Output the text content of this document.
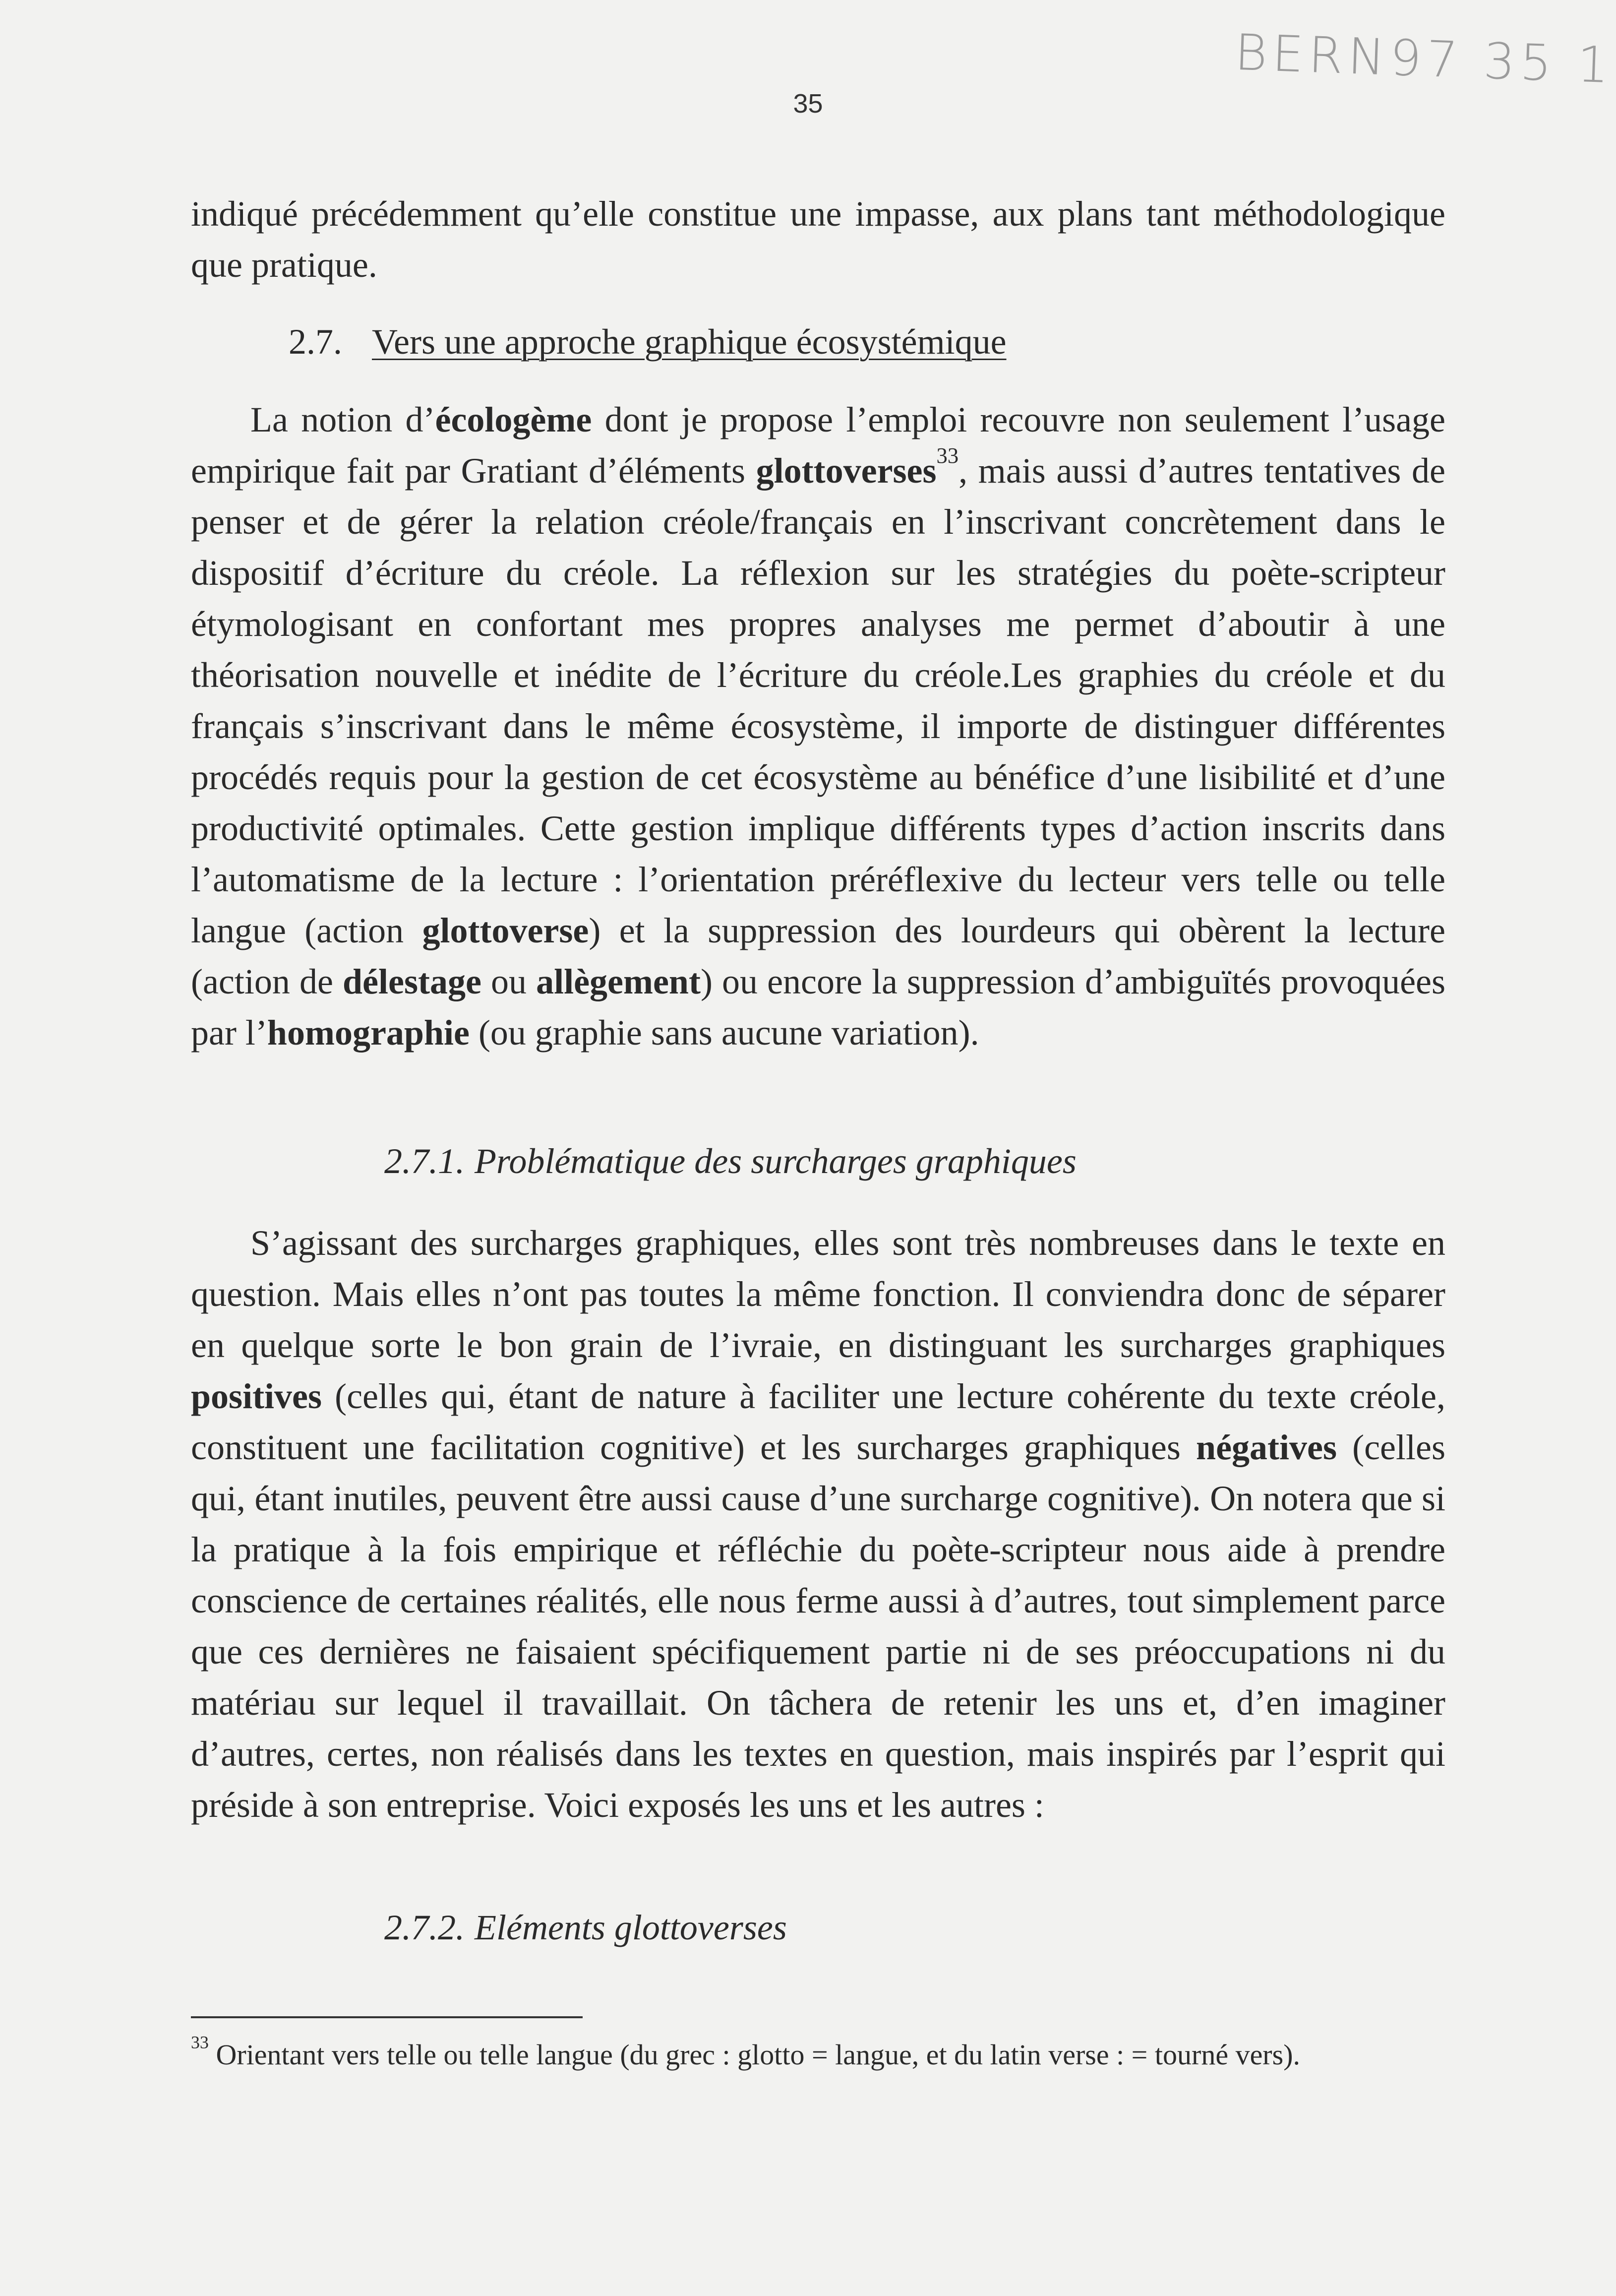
BERN97 35 1
35

indiqué précédemment qu’elle constitue une impasse, aux plans tant méthodologique que pratique.

2.7. Vers une approche graphique écosystémique

La notion d’écologème dont je propose l’emploi recouvre non seulement l’usage empirique fait par Gratiant d’éléments glottoverses$^{33}$, mais aussi d’autres tentatives de penser et de gérer la relation créole/français en l’inscrivant concrètement dans le dispositif d’écriture du créole. La réflexion sur les stratégies du poète-scripteur étymologisant en confortant mes propres analyses me permet d’aboutir à une théorisation nouvelle et inédite de l’écriture du créole.Les graphies du créole et du français s’inscrivant dans le même écosystème, il importe de distinguer différentes procédés requis pour la gestion de cet écosystème au bénéfice d’une lisibilité et d’une productivité optimales. Cette gestion implique différents types d’action inscrits dans l’automatisme de la lecture : l’orientation préréflexive du lecteur vers telle ou telle langue (action glottoverse) et la suppression des lourdeurs qui obèrent la lecture (action de délestage ou allègement) ou encore la suppression d’ambiguïtés provoquées par l’homographie (ou graphie sans aucune variation).

2.7.1. Problématique des surcharges graphiques

S’agissant des surcharges graphiques, elles sont très nombreuses dans le texte en question. Mais elles n’ont pas toutes la même fonction. Il conviendra donc de séparer en quelque sorte le bon grain de l’ivraie, en distinguant les surcharges graphiques positives (celles qui, étant de nature à faciliter une lecture cohérente du texte créole, constituent une facilitation cognitive) et les surcharges graphiques négatives (celles qui, étant inutiles, peuvent être aussi cause d’une surcharge cognitive). On notera que si la pratique à la fois empirique et réfléchie du poète-scripteur nous aide à prendre conscience de certaines réalités, elle nous ferme aussi à d’autres, tout simplement parce que ces dernières ne faisaient spécifiquement partie ni de ses préoccupations ni du matériau sur lequel il travaillait. On tâchera de retenir les uns et, d’en imaginer d’autres, certes, non réalisés dans les textes en question, mais inspirés par l’esprit qui préside à son entreprise. Voici exposés les uns et les autres :

2.7.2. Eléments glottoverses
$^{33}$ Orientant vers telle ou telle langue (du grec : glotto = langue, et du latin verse : = tourné vers).
